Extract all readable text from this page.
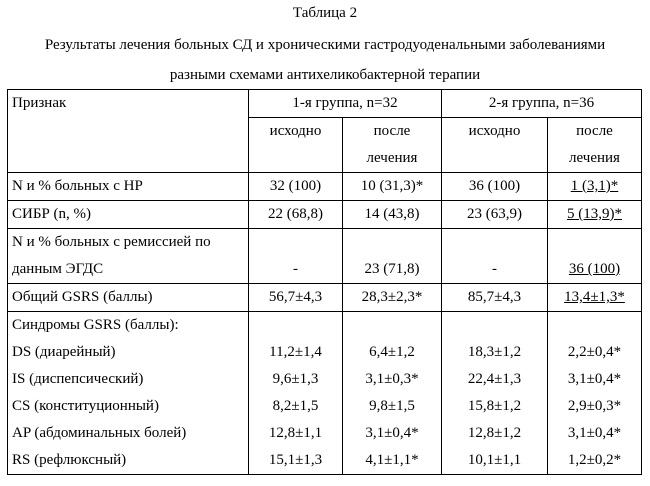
Таблица 2
Результаты лечения больных СД и хроническими гастродуоденальными заболеваниями
разными схемами антихеликобактерной терапии
Признак	1-я группа, n=32		2-я группа, n=36	
	исходно	после	исходно	после
		лечения		лечения
N и % больных с HP	32 (100)	10 (31,3)*	36 (100)	1 (3,1)*
СИБР (n, %)	22 (68,8)	14 (43,8)	23 (63,9)	5 (13,9)*
N и % больных с ремиссией по				
данным ЭГДС	-	23 (71,8)	-	36 (100)
Общий GSRS (баллы)	56,7±4,3	28,3±2,3*	85,7±4,3	13,4±1,3*
Синдромы GSRS (баллы):				
DS (диарейный)	11,2±1,4	6,4±1,2	18,3±1,2	2,2±0,4*
IS (диспепсический)	9,6±1,3	3,1±0,3*	22,4±1,3	3,1±0,4*
CS (конституционный)	8,2±1,5	9,8±1,5	15,8±1,2	2,9±0,3*
AP (абдоминальных болей)	12,8±1,1	3,1±0,4*	12,8±1,2	3,1±0,4*
RS (рефлюксный)	15,1±1,3	4,1±1,1*	10,1±1,1	1,2±0,2*
